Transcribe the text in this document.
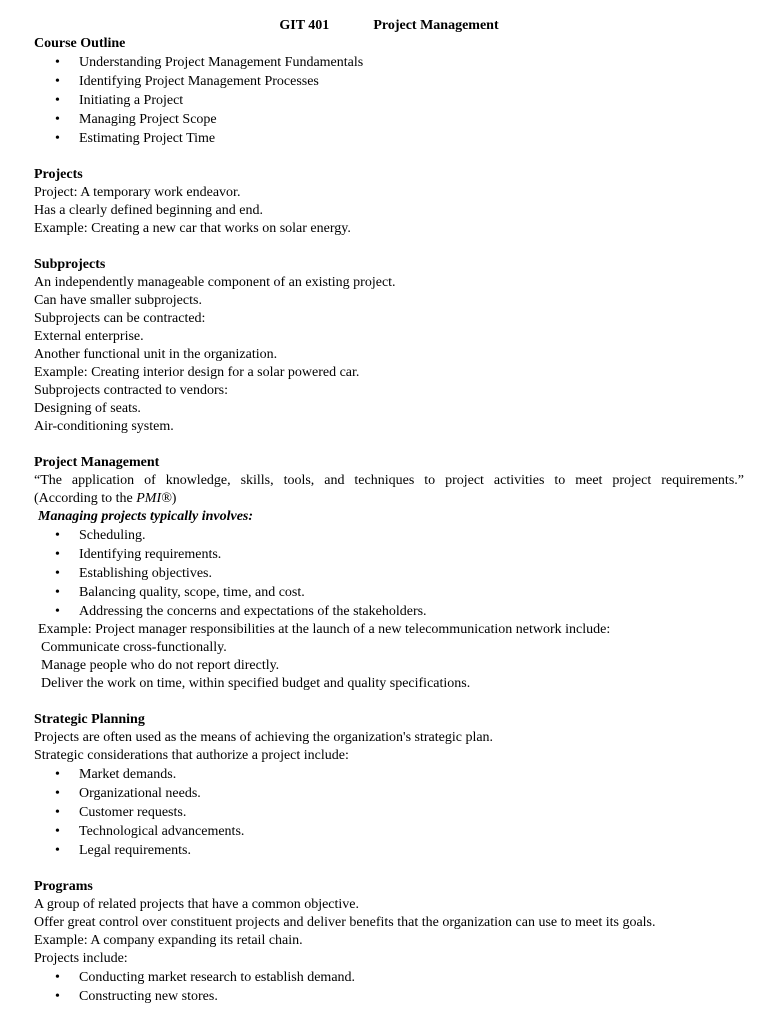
GIT 401	Project Management
Course Outline
• Understanding Project Management Fundamentals
• Identifying Project Management Processes
• Initiating a Project
• Managing Project Scope
• Estimating Project Time
Projects

Project: A temporary work endeavor.

Has a clearly defined beginning and end.

Example: Creating a new car that works on solar energy.

Subprojects

An independently manageable component of an existing project.

Can have smaller subprojects.

Subprojects can be contracted:

External enterprise.

Another functional unit in the organization.

Example: Creating interior design for a solar powered car.

Subprojects contracted to vendors:

Designing of seats.

Air-conditioning system.

Project Management

“The application of knowledge, skills, tools, and techniques to project activities to meet project requirements.”

(According to the PMI®)

Managing projects typically involves:

• Scheduling.
• Identifying requirements.
• Establishing objectives.
• Balancing quality, scope, time, and cost.
• Addressing the concerns and expectations of the stakeholders.

Example: Project manager responsibilities at the launch of a new telecommunication network include:

Communicate cross-functionally.

Manage people who do not report directly.

Deliver the work on time, within specified budget and quality specifications.

Strategic Planning

Projects are often used as the means of achieving the organization's strategic plan.

Strategic considerations that authorize a project include:

• Market demands.
• Organizational needs.
• Customer requests.
• Technological advancements.
• Legal requirements.
Programs

A group of related projects that have a common objective.

Offer great control over constituent projects and deliver benefits that the organization can use to meet its goals.

Example: A company expanding its retail chain.

Projects include:

• Conducting market research to establish demand.
• Constructing new stores.
